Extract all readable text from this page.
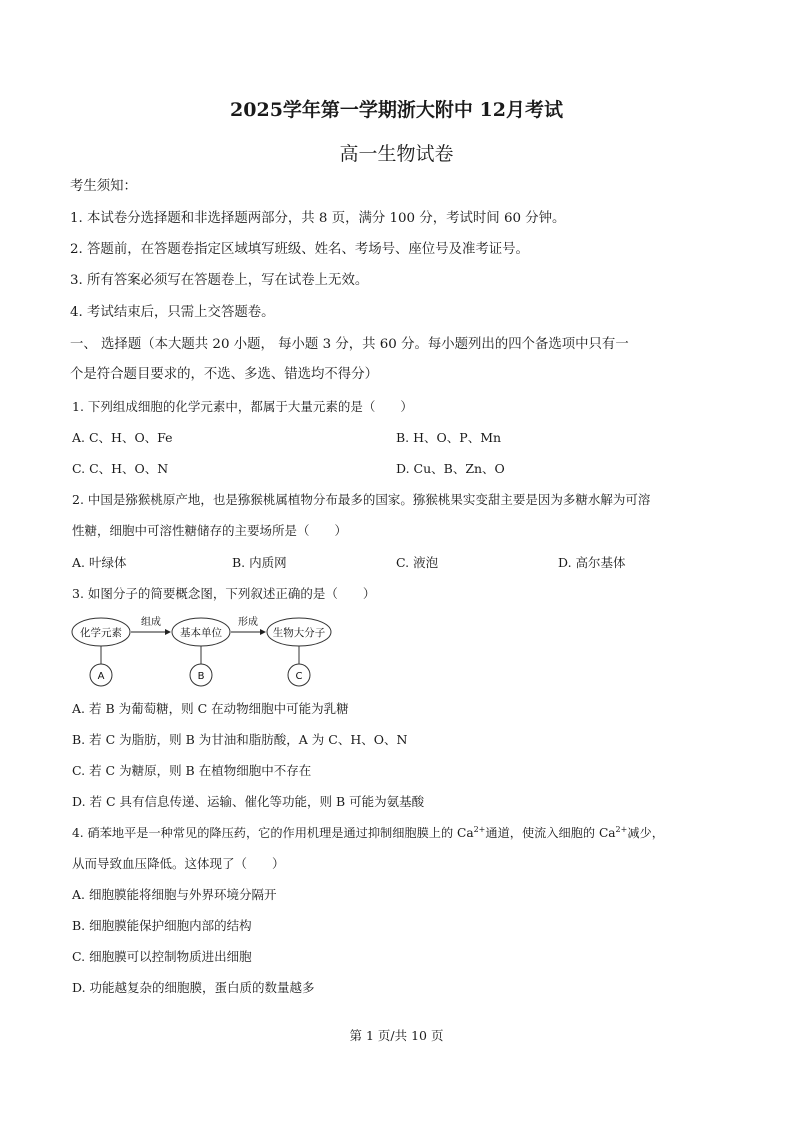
2025学年第一学期浙大附中 12月考试
高一生物试卷
考生须知：
1. 本试卷分选择题和非选择题两部分，共 8 页，满分 100 分，考试时间 60 分钟。
2. 答题前，在答题卷指定区域填写班级、姓名、考场号、座位号及准考证号。
3. 所有答案必须写在答题卷上，写在试卷上无效。
4. 考试结束后，只需上交答题卷。
一、 选择题（本大题共 20 小题， 每小题 3 分，共 60 分。每小题列出的四个备选项中只有一
个是符合题目要求的，不选、多选、错选均不得分）
1. 下列组成细胞的化学元素中，都属于大量元素的是（　　）
A. C、H、O、Fe	B. H、O、P、Mn
C. C、H、O、N	D. Cu、B、Zn、O
2. 中国是猕猴桃原产地，也是猕猴桃属植物分布最多的国家。猕猴桃果实变甜主要是因为多糖水解为可溶
性糖，细胞中可溶性糖储存的主要场所是（　　）
A. 叶绿体	B. 内质网	C. 液泡	D. 高尔基体
3. 如图分子的简要概念图，下列叙述正确的是（　　）
化学元素	基本单位	生物大分子
组成	形成
A	B	C
A. 若 B 为葡萄糖，则 C 在动物细胞中可能为乳糖
B. 若 C 为脂肪，则 B 为甘油和脂肪酸，A 为 C、H、O、N
C. 若 C 为糖原，则 B 在植物细胞中不存在
D. 若 C 具有信息传递、运输、催化等功能，则 B 可能为氨基酸
4. 硝苯地平是一种常见的降压药，它的作用机理是通过抑制细胞膜上的 $Ca^{2+}$通道，使流入细胞的 $Ca^{2+}$减少，
从而导致血压降低。这体现了（　　）
A. 细胞膜能将细胞与外界环境分隔开
B. 细胞膜能保护细胞内部的结构
C. 细胞膜可以控制物质进出细胞
D. 功能越复杂的细胞膜，蛋白质的数量越多
第 1 页/共 10 页
